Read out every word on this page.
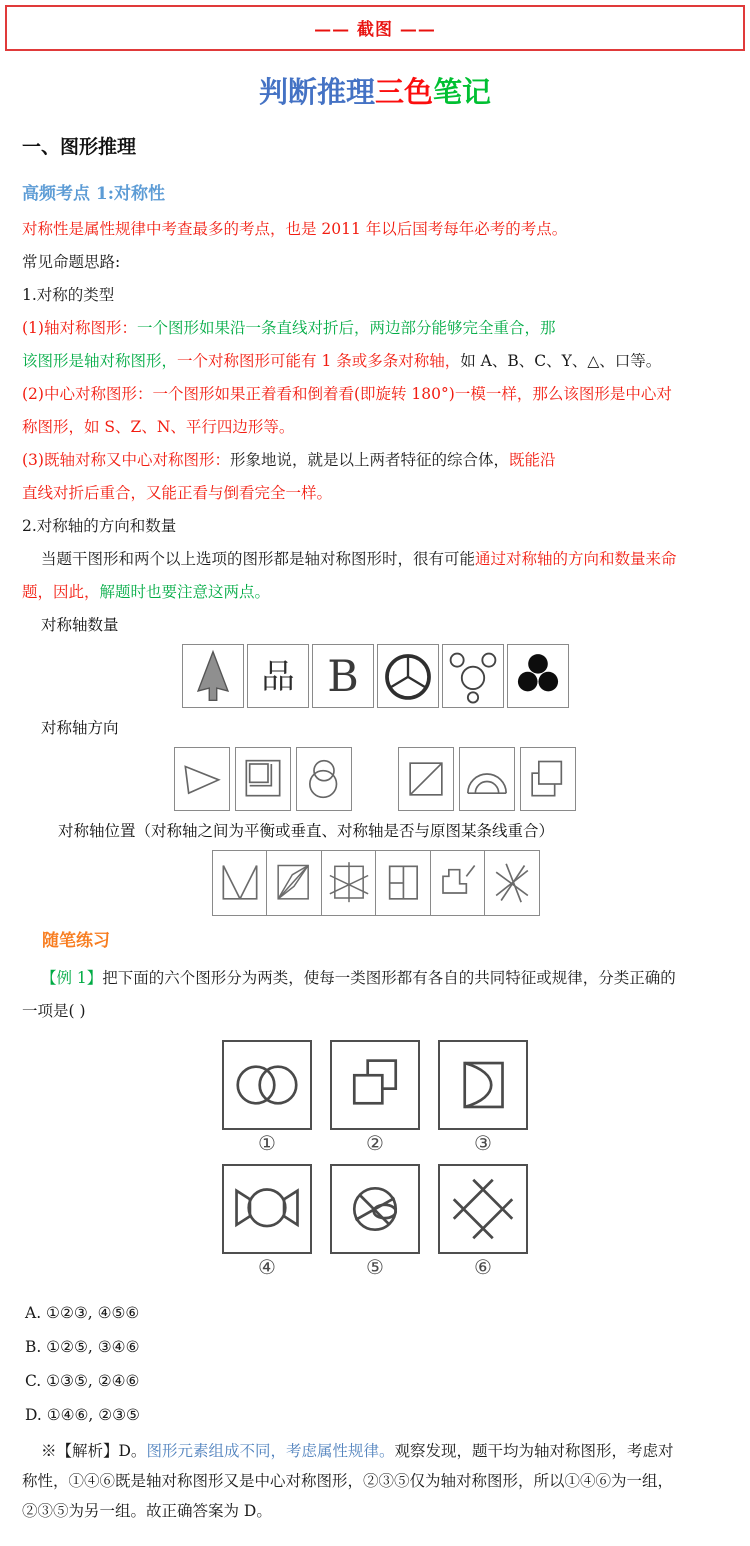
—— 截图 ——
判断推理三色笔记
一、图形推理
高频考点 1:对称性
对称性是属性规律中考查最多的考点，也是 2011 年以后国考每年必考的考点。
常见命题思路:
1.对称的类型
(1)轴对称图形：一个图形如果沿一条直线对折后，两边部分能够完全重合，那
该图形是轴对称图形，一个对称图形可能有 1 条或多条对称轴，如 A、B、C、Y、△、口等。
(2)中心对称图形：一个图形如果正着看和倒着看(即旋转 180°)一模一样，那么该图形是中心对
称图形，如 S、Z、N、平行四边形等。
(3)既轴对称又中心对称图形：形象地说，就是以上两者特征的综合体，既能沿
直线对折后重合，又能正看与倒看完全一样。
2.对称轴的方向和数量
当题干图形和两个以上选项的图形都是轴对称图形时，很有可能通过对称轴的方向和数量来命
题，因此，解题时也要注意这两点。
对称轴数量
品 B
对称轴方向
对称轴位置（对称轴之间为平衡或垂直、对称轴是否与原图某条线重合）
随笔练习
【例 1】把下面的六个图形分为两类，使每一类图形都有各自的共同特征或规律，分类正确的
一项是( )
①	②	③
④	⑤	⑥
A. ①②③, ④⑤⑥
B. ①②⑤, ③④⑥
C. ①③⑤, ②④⑥
D. ①④⑥, ②③⑤
※【解析】D。图形元素组成不同，考虑属性规律。观察发现，题干均为轴对称图形，考虑对
称性，①④⑥既是轴对称图形又是中心对称图形，②③⑤仅为轴对称图形，所以①④⑥为一组，
②③⑤为另一组。故正确答案为 D。
